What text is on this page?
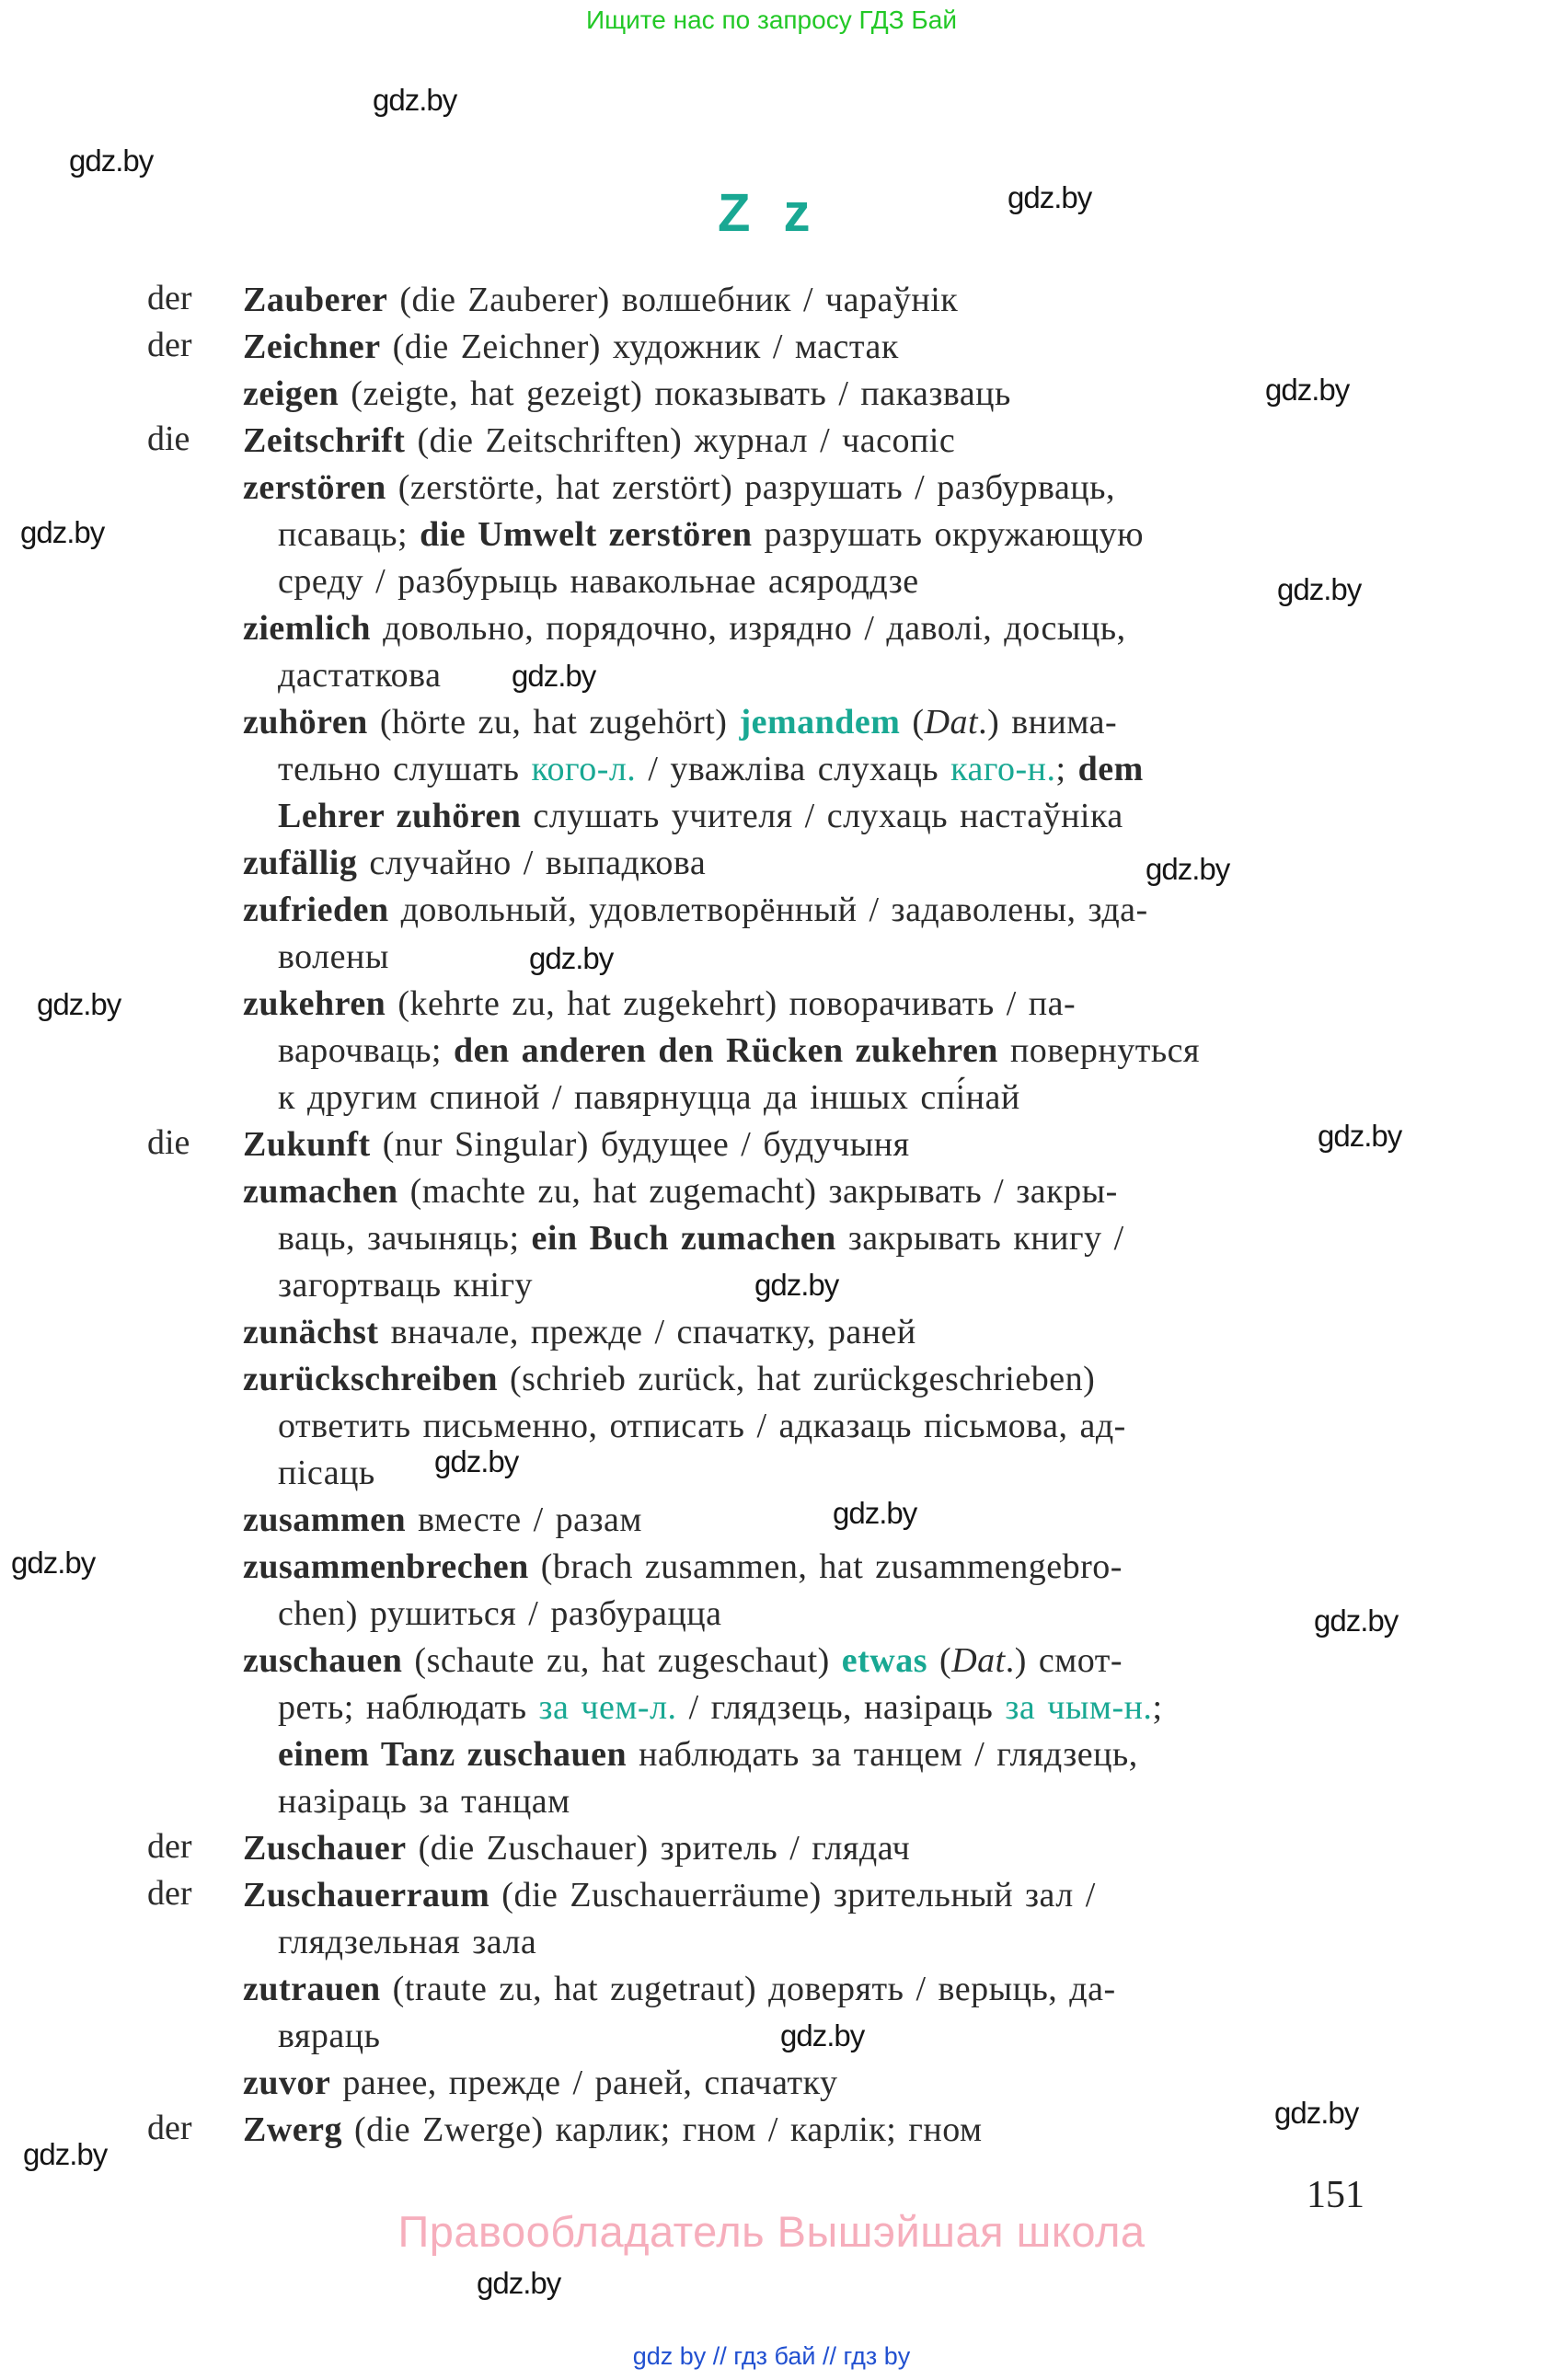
Ищите нас по запросу ГДЗ Бай
Z z
der Zauberer (die Zauberer) волшебник / чараўнік
der Zeichner (die Zeichner) художник / мастак
zeigen (zeigte, hat gezeigt) показывать / паказваць
die Zeitschrift (die Zeitschriften) журнал / часопіс
zerstören (zerstörte, hat zerstört) разрушать / разбурваць,
псаваць; die Umwelt zerstören разрушать окружающую
среду / разбурыць навакольнае асяроддзе
ziemlich довольно, порядочно, изрядно / даволі, досыць,
дастаткова
zuhören (hörte zu, hat zugehört) jemandem (Dat.) внима-
тельно слушать кого-л. / уважліва слухаць каго-н.; dem
Lehrer zuhören слушать учителя / слухаць настаўніка
zufällig случайно / выпадкова
zufrieden довольный, удовлетворённый / задаволены, зда-
волены
zukehren (kehrte zu, hat zugekehrt) поворачивать / па-
варочваць; den anderen den Rücken zukehren повернуться
к другим спиной / павярнуцца да іншых спі́най
die Zukunft (nur Singular) будущее / будучыня
zumachen (machte zu, hat zugemacht) закрывать / закры-
ваць, зачыняць; ein Buch zumachen закрывать книгу /
загортваць кнігу
zunächst вначале, прежде / спачатку, раней
zurückschreiben (schrieb zurück, hat zurückgeschrieben)
ответить письменно, отписать / адказаць пісьмова, ад-
пісаць
zusammen вместе / разам
zusammenbrechen (brach zusammen, hat zusammengebro-
chen) рушиться / разбурацца
zuschauen (schaute zu, hat zugeschaut) etwas (Dat.) смот-
реть; наблюдать за чем-л. / глядзець, назіраць за чым-н.;
einem Tanz zuschauen наблюдать за танцем / глядзець,
назіраць за танцам
der Zuschauer (die Zuschauer) зритель / глядач
der Zuschauerraum (die Zuschauerräume) зрительный зал /
глядзельная зала
zutrauen (traute zu, hat zugetraut) доверять / верыць, да-
вяраць
zuvor ранее, прежде / раней, спачатку
der Zwerg (die Zwerge) карлик; гном / карлік; гном
gdz.by
gdz.by
gdz.by
gdz.by
gdz.by
gdz.by
gdz.by
gdz.by
gdz.by
gdz.by
gdz.by
gdz.by
gdz.by
gdz.by
gdz.by
gdz.by
gdz.by
gdz.by
gdz.by
gdz.by
151
Правообладатель Вышэйшая школа
gdz by // гдз бай // гдз by
